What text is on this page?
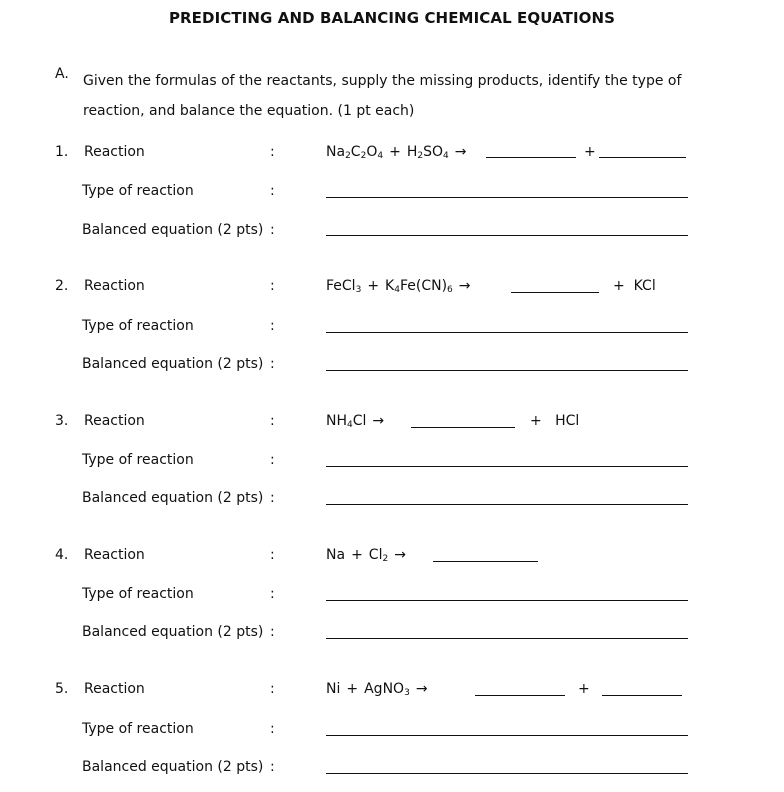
PREDICTING AND BALANCING CHEMICAL EQUATIONS
A. Given the formulas of the reactants, supply the missing products, identify the type of reaction, and balance the equation. (1 pt each)
1. Reaction	:	$Na_2C_2O_4 + H_2SO_4$ →	+
Type of reaction	:
Balanced equation (2 pts) :
2. Reaction	:	FeCl$_3$ + $K_4Fe(CN)_6$ →	+ KCl
Type of reaction	:
Balanced equation (2 pts) :
3. Reaction	:	$NH_4Cl$ →	+ HCl
Type of reaction	:
Balanced equation (2 pts) :
4. Reaction	:	$Na + Cl_2$ →
Type of reaction	:
Balanced equation (2 pts) :
5. Reaction	:	Ni + AgNO$_3$ →	+
Type of reaction	:
Balanced equation (2 pts) :
